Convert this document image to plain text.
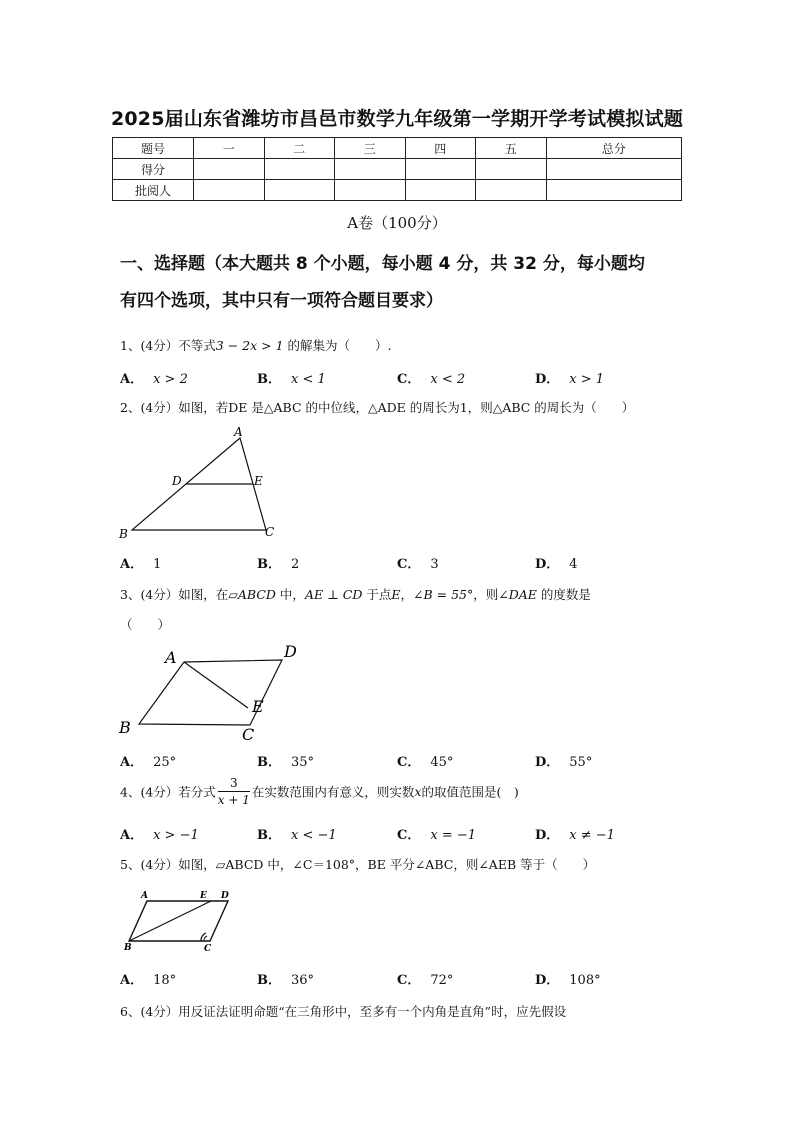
2025届山东省潍坊市昌邑市数学九年级第一学期开学考试模拟试题
题号	一	二	三	四	五	总分
得分						
批阅人						
A卷（100分）
一、选择题（本大题共 8 个小题，每小题 4 分，共 32 分，每小题均
有四个选项，其中只有一项符合题目要求）
1、(4分）不等式3 − 2x > 1 的解集为（　　）.
A． x > 2	B． x < 1	C． x < 2	D． x > 1
2、(4分）如图，若DE 是△ABC 的中位线，△ADE 的周长为1，则△ABC 的周长为（　　）
A
D	E
B	C
A． 1	B． 2	C． 3	D． 4
3、(4分）如图，在▱ABCD 中，AE ⊥ CD 于点E，∠B = 55°，则∠DAE 的度数是
（　　）
A	D
E
B	C
A． 25°	B． 35°	C． 45°	D． 55°
4、(4分）若分式 $\frac{3}{x + 1}$ 在实数范围内有意义，则实数x的取值范围是(　)
A． x > −1	B． x < −1	C． x = −1	D． x ≠ −1
5、(4分）如图，▱ABCD 中，∠C＝108°，BE 平分∠ABC，则∠AEB 等于（　　）
A	E D
B	C
A． 18°	B． 36°	C． 72°	D． 108°
6、(4分）用反证法证明命题“在三角形中，至多有一个内角是直角”时，应先假设
